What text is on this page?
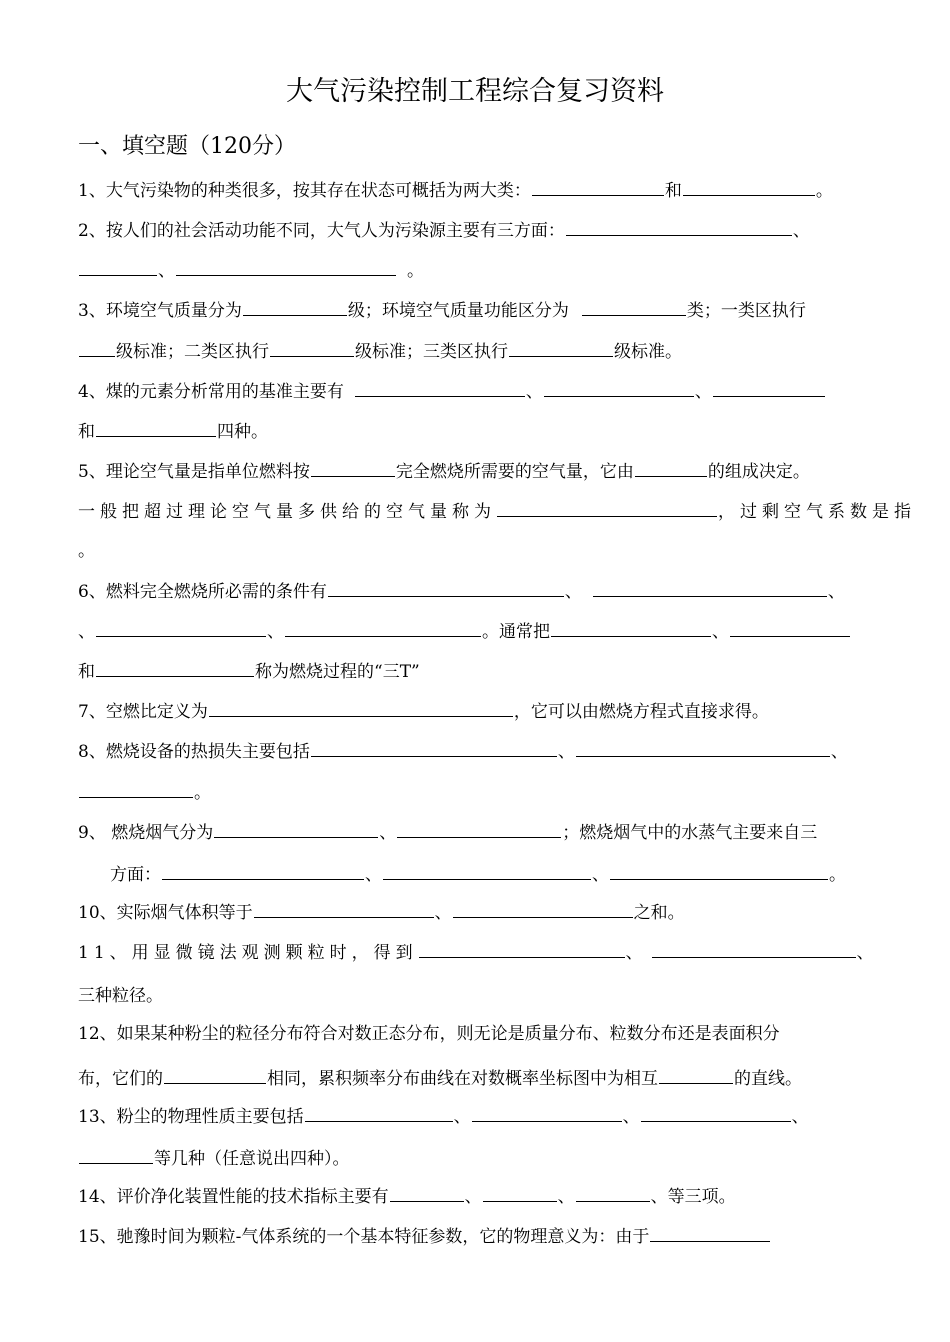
大气污染控制工程综合复习资料
一、填空题（120分）
1、大气污染物的种类很多，按其存在状态可概括为两大类：	和	。
2、按人们的社会活动功能不同，大气人为污染源主要有三方面：	、
、	。
3、环境空气质量分为	级；环境空气质量功能区分为	类；一类区执行
级标准；二类区执行	级标准；三类区执行	级标准。
4、煤的元素分析常用的基准主要有	、	、
和	四种。
5、理论空气量是指单位燃料按	完全燃烧所需要的空气量，它由	的组成决定。
一般把超过理论空气量多供给的空气量称为	，过剩空气系数是指
。
6、燃料完全燃烧所必需的条件有	、	、
、	、	。通常把	、
和	称为燃烧过程的“三T”
7、空燃比定义为	，它可以由燃烧方程式直接求得。
8、燃烧设备的热损失主要包括	、	、
。
9、 燃烧烟气分为	、	；燃烧烟气中的水蒸气主要来自三
方面：	、	、	。
10、实际烟气体积等于	、	之和。
11、用显微镜法观测颗粒时，得到	、	、
三种粒径。
12、如果某种粉尘的粒径分布符合对数正态分布，则无论是质量分布、粒数分布还是表面积分
布，它们的	相同，累积频率分布曲线在对数概率坐标图中为相互	的直线。
13、粉尘的物理性质主要包括	、	、	、
等几种（任意说出四种）。
14、评价净化装置性能的技术指标主要有	、	、	、等三项。
15、驰豫时间为颗粒-气体系统的一个基本特征参数，它的物理意义为：由于
